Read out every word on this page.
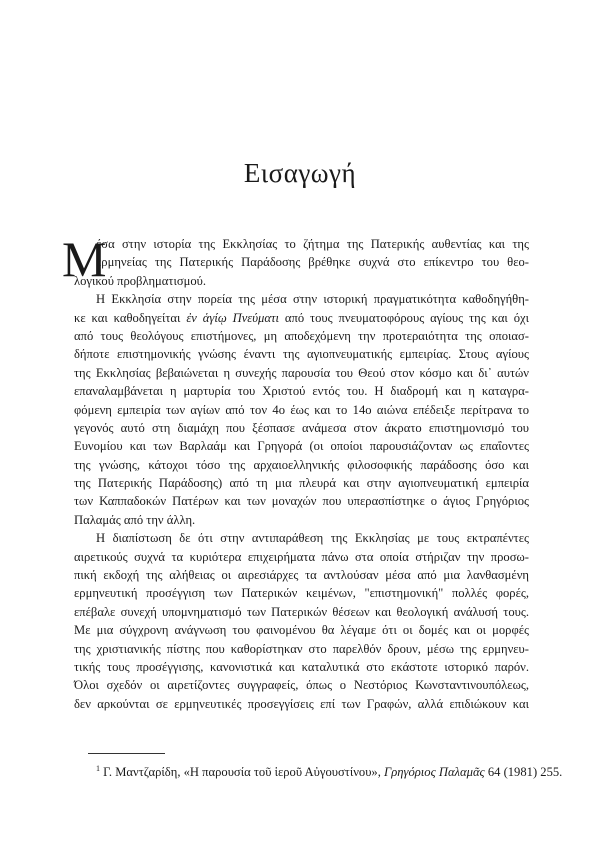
Εισαγωγή
Μ
έσα στην ιστορία της Εκκλησίας το ζήτημα της Πατερικής αυθεντίας και της
ερμηνείας της Πατερικής Παράδοσης βρέθηκε συχνά στο επίκεντρο του θεο-
λογικού προβληματισμού.
Η Εκκλησία στην πορεία της μέσα στην ιστορική πραγματικότητα καθοδηγήθη-
κε και καθοδηγείται ἐν ἁγίῳ Πνεύματι από τους πνευματοφόρους αγίους της και όχι
από τους θεολόγους επιστήμονες, μη αποδεχόμενη την προτεραιότητα της οποιασ-
δήποτε επιστημονικής γνώσης έναντι της αγιοπνευματικής εμπειρίας. Στους αγίους
της Εκκλησίας βεβαιώνεται η συνεχής παρουσία του Θεού στον κόσμο και δι᾽ αυτών
επαναλαμβάνεται η μαρτυρία του Χριστού εντός του. Η διαδρομή και η καταγρα-
φόμενη εμπειρία των αγίων από τον 4ο έως και το 14ο αιώνα επέδειξε περίτρανα το
γεγονός αυτό στη διαμάχη που ξέσπασε ανάμεσα στον άκρατο επιστημονισμό του
Ευνομίου και των Βαρλαάμ και Γρηγορά (οι οποίοι παρουσιάζονταν ως επαΐοντες
της γνώσης, κάτοχοι τόσο της αρχαιοελληνικής φιλοσοφικής παράδοσης όσο και
της Πατερικής Παράδοσης) από τη μια πλευρά και στην αγιοπνευματική εμπειρία
των Καππαδοκών Πατέρων και των μοναχών που υπερασπίστηκε ο άγιος Γρηγόριος
Παλαμάς από την άλλη.
Η διαπίστωση δε ότι στην αντιπαράθεση της Εκκλησίας με τους εκτραπέντες
αιρετικούς συχνά τα κυριότερα επιχειρήματα πάνω στα οποία στήριζαν την προσω-
πική εκδοχή της αλήθειας οι αιρεσιάρχες τα αντλούσαν μέσα από μια λανθασμένη
ερμηνευτική προσέγγιση των Πατερικών κειμένων, "επιστημονική" πολλές φορές,
επέβαλε συνεχή υπομνηματισμό των Πατερικών θέσεων και θεολογική ανάλυσή τους.
Με μια σύγχρονη ανάγνωση του φαινομένου θα λέγαμε ότι οι δομές και οι μορφές
της χριστιανικής πίστης που καθορίστηκαν στο παρελθόν δρουν, μέσω της ερμηνευ-
τικής τους προσέγγισης, κανονιστικά και καταλυτικά στο εκάστοτε ιστορικό παρόν.
Όλοι σχεδόν οι αιρετίζοντες συγγραφείς, όπως ο Νεστόριος Κωνσταντινουπόλεως,
δεν αρκούνται σε ερμηνευτικές προσεγγίσεις επί των Γραφών, αλλά επιδιώκουν και
$^1$ Γ. Μαντζαρίδη, «Η παρουσία τοῦ ἱεροῦ Αὐγουστίνου», Γρηγόριος Παλαμᾶς 64 (1981) 255.
